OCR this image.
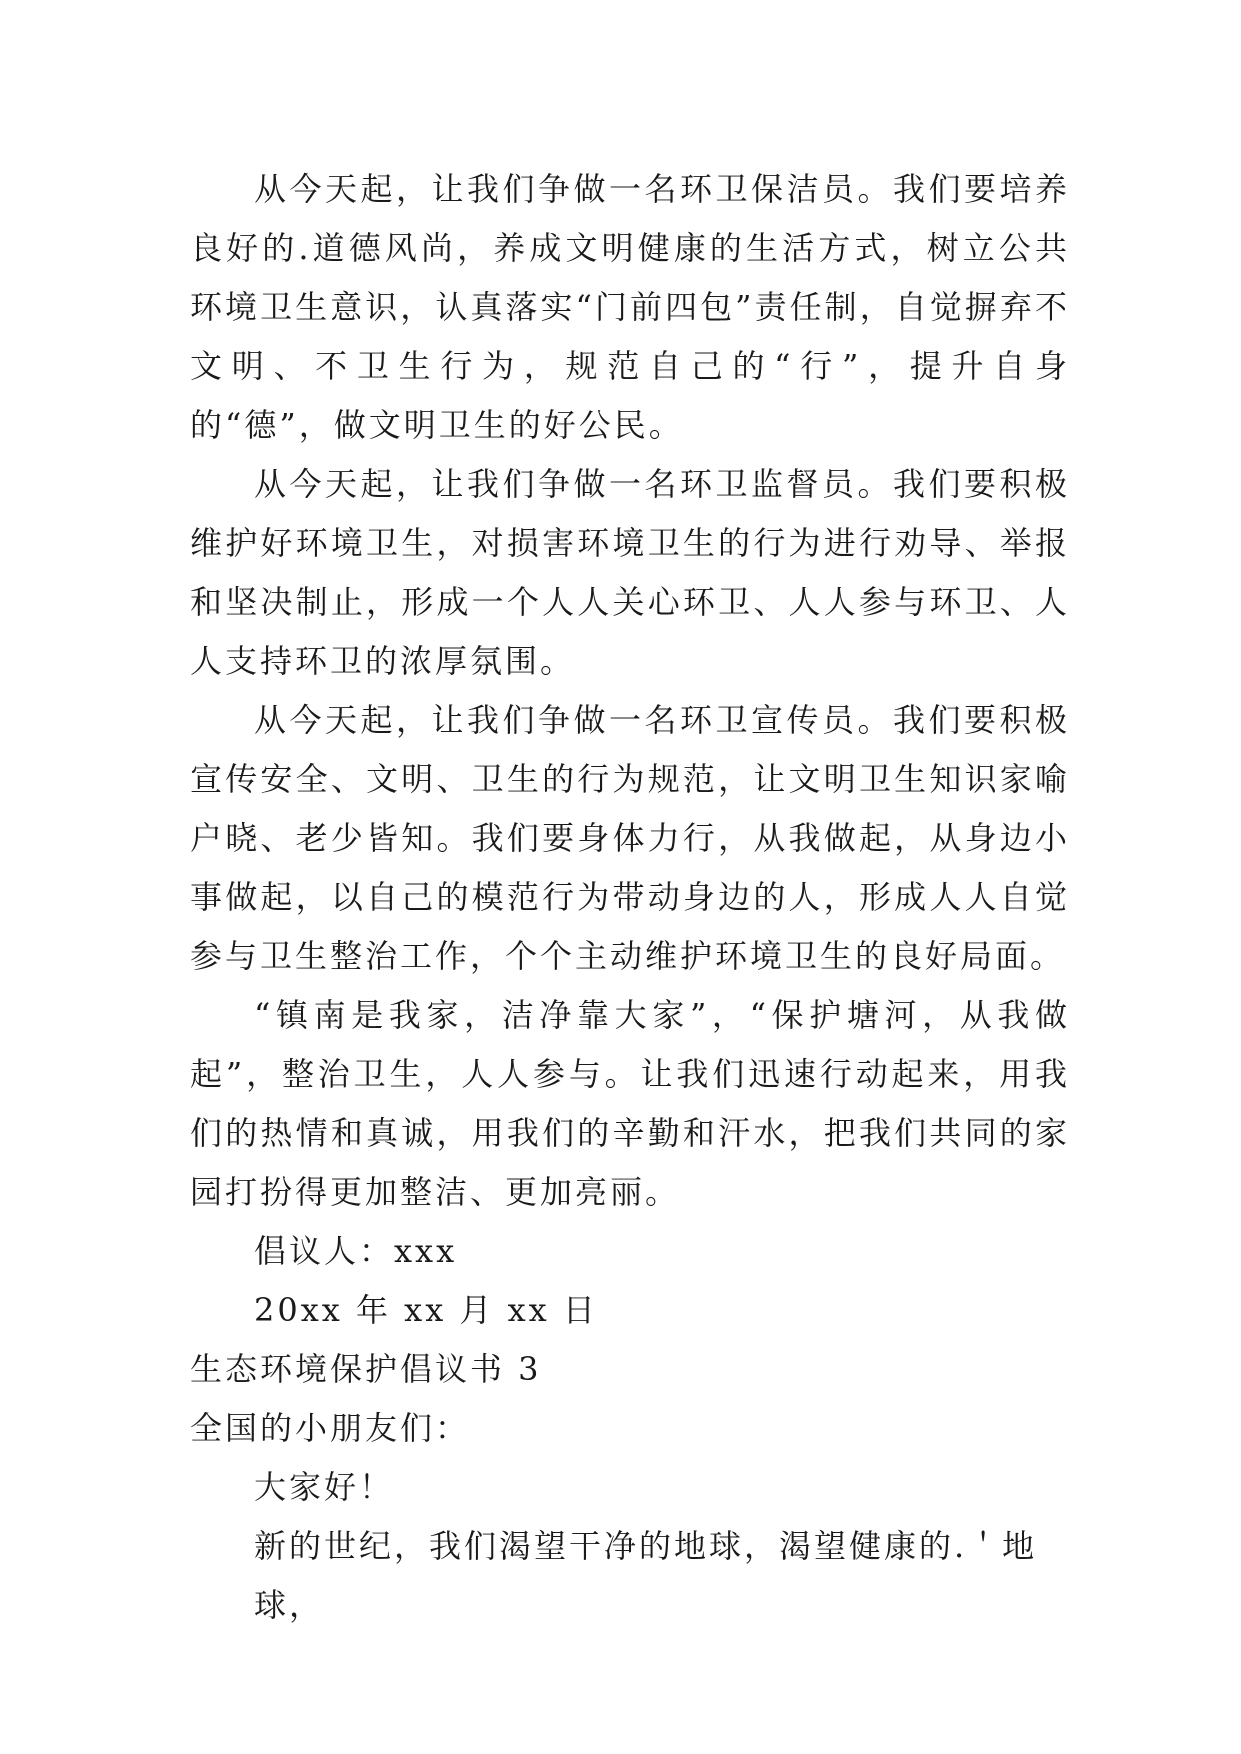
从今天起，让我们争做一名环卫保洁员。我们要培养良好的.道德风尚，养成文明健康的生活方式，树立公共环境卫生意识，认真落实“门前四包”责任制，自觉摒弃不文明、不卫生行为，规范自己的“行”，提升自身的“德”，做文明卫生的好公民。

从今天起，让我们争做一名环卫监督员。我们要积极维护好环境卫生，对损害环境卫生的行为进行劝导、举报和坚决制止，形成一个人人关心环卫、人人参与环卫、人人支持环卫的浓厚氛围。

从今天起，让我们争做一名环卫宣传员。我们要积极宣传安全、文明、卫生的行为规范，让文明卫生知识家喻户晓、老少皆知。我们要身体力行，从我做起，从身边小事做起，以自己的模范行为带动身边的人，形成人人自觉参与卫生整治工作，个个主动维护环境卫生的良好局面。

“镇南是我家，洁净靠大家”，“保护塘河，从我做起”，整治卫生，人人参与。让我们迅速行动起来，用我们的热情和真诚，用我们的辛勤和汗水，把我们共同的家园打扮得更加整洁、更加亮丽。

倡议人：xxx

20xx 年 xx 月 xx 日

生态环境保护倡议书 3

全国的小朋友们：

大家好！

新的世纪，我们渴望干净的地球，渴望健康的.＇地球，
